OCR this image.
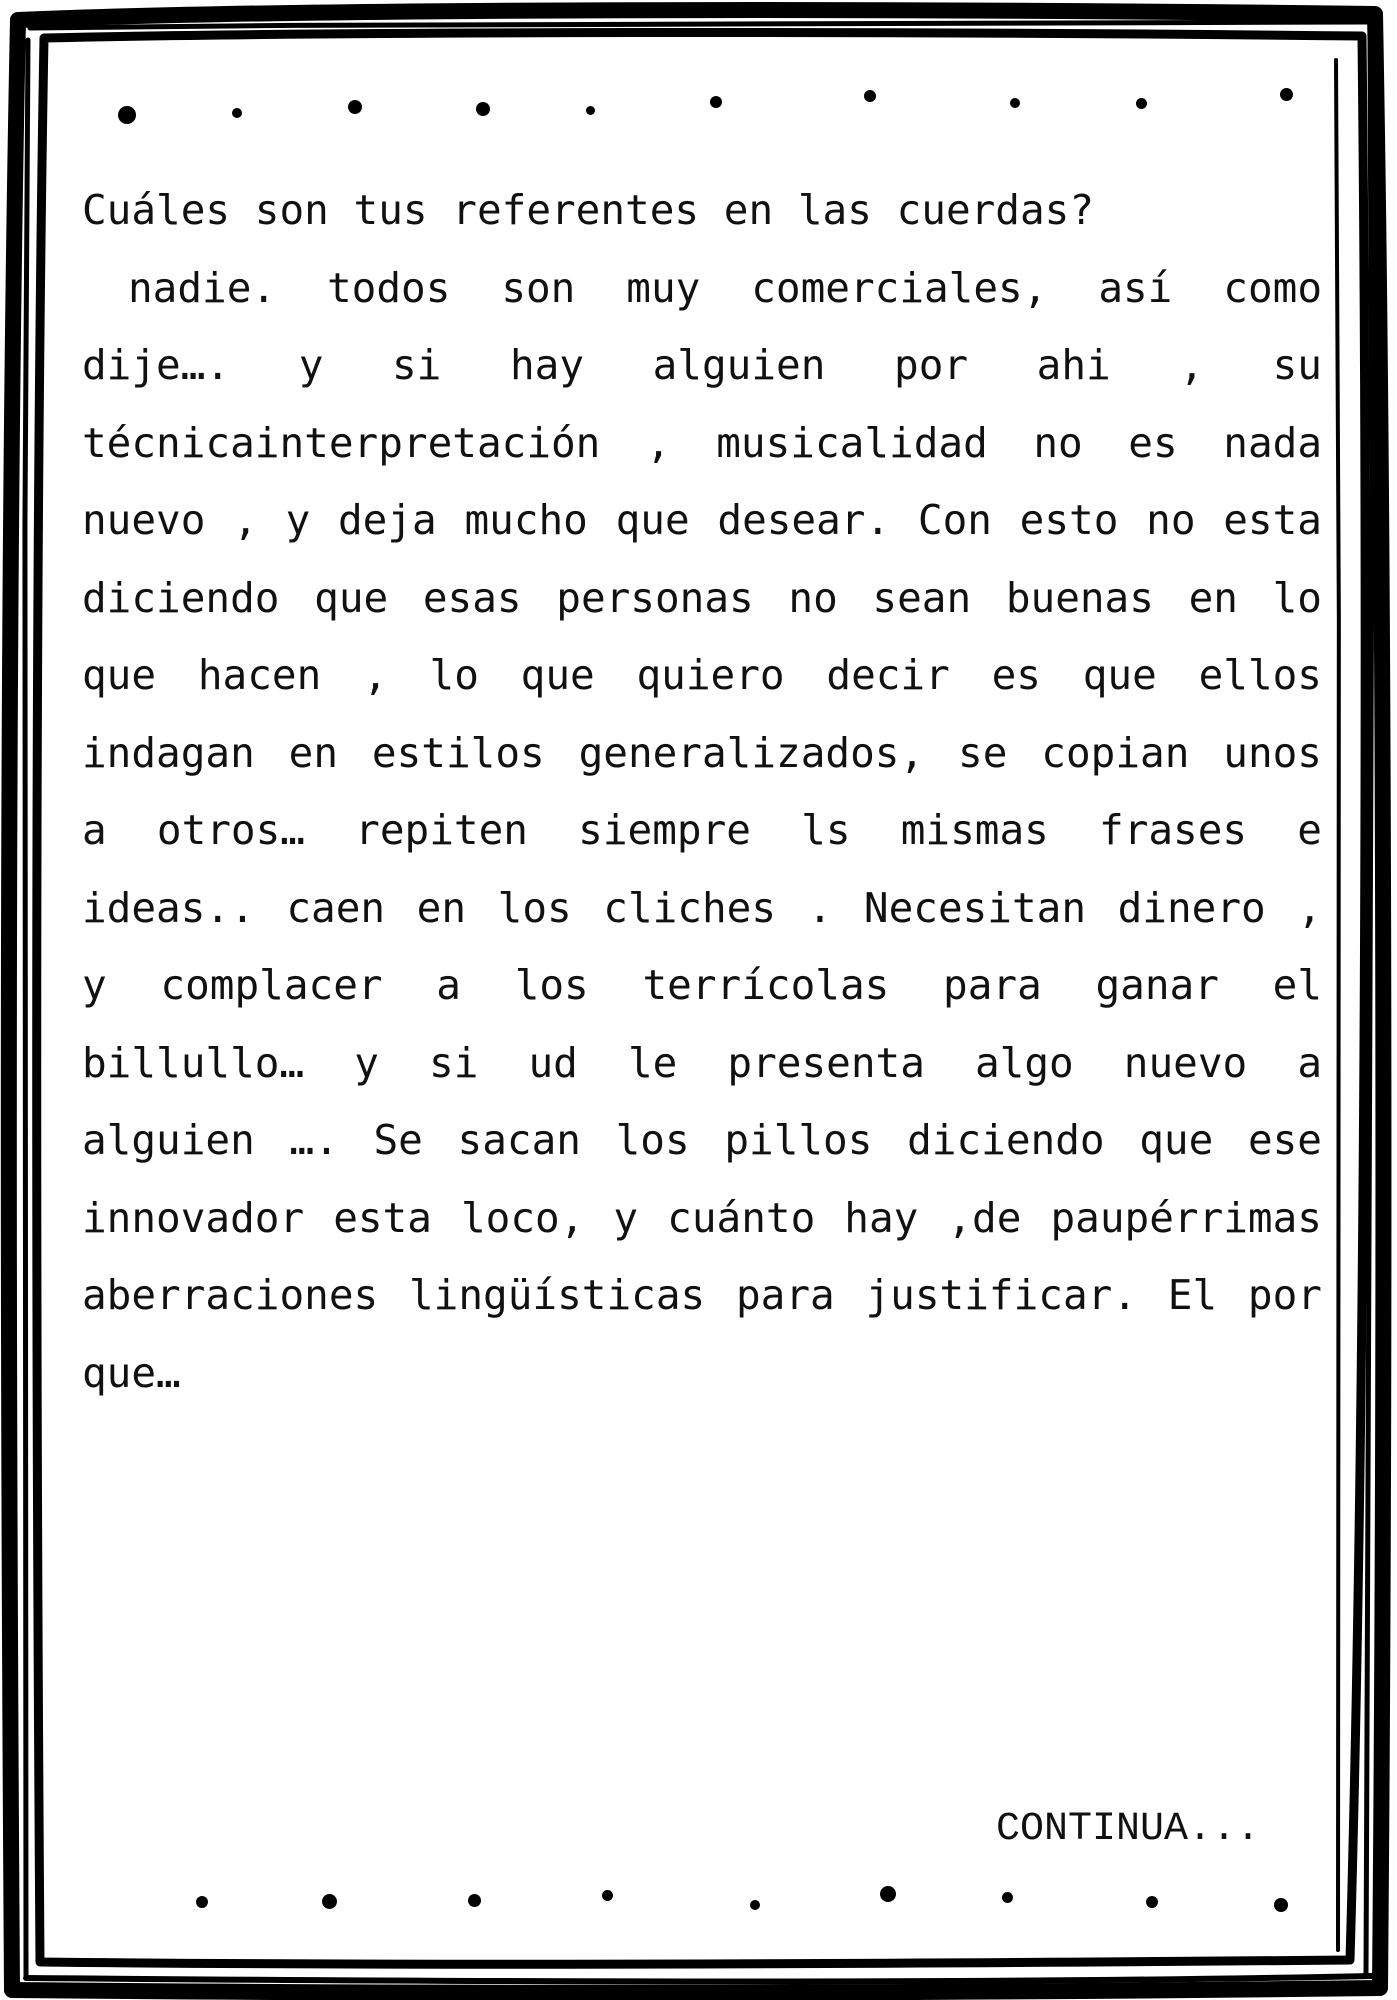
Cuáles son tus referentes en las cuerdas?

nadie. todos son muy comerciales, así como dije…. y si hay alguien por ahi , su técnicainterpretación , musicalidad no es nada nuevo , y deja mucho que desear. Con esto no esta diciendo que esas personas no sean buenas en lo que hacen , lo que quiero decir es que ellos indagan en estilos generalizados, se copian unos a otros… repiten siempre ls mismas frases e ideas.. caen en los cliches . Necesitan dinero , y complacer a los terrícolas para ganar el billullo… y si ud le presenta algo nuevo a alguien …. Se sacan los pillos diciendo que ese innovador esta loco, y cuánto hay ,de paupérrimas aberraciones lingüísticas para justificar. El por que…

CONTINUA...
